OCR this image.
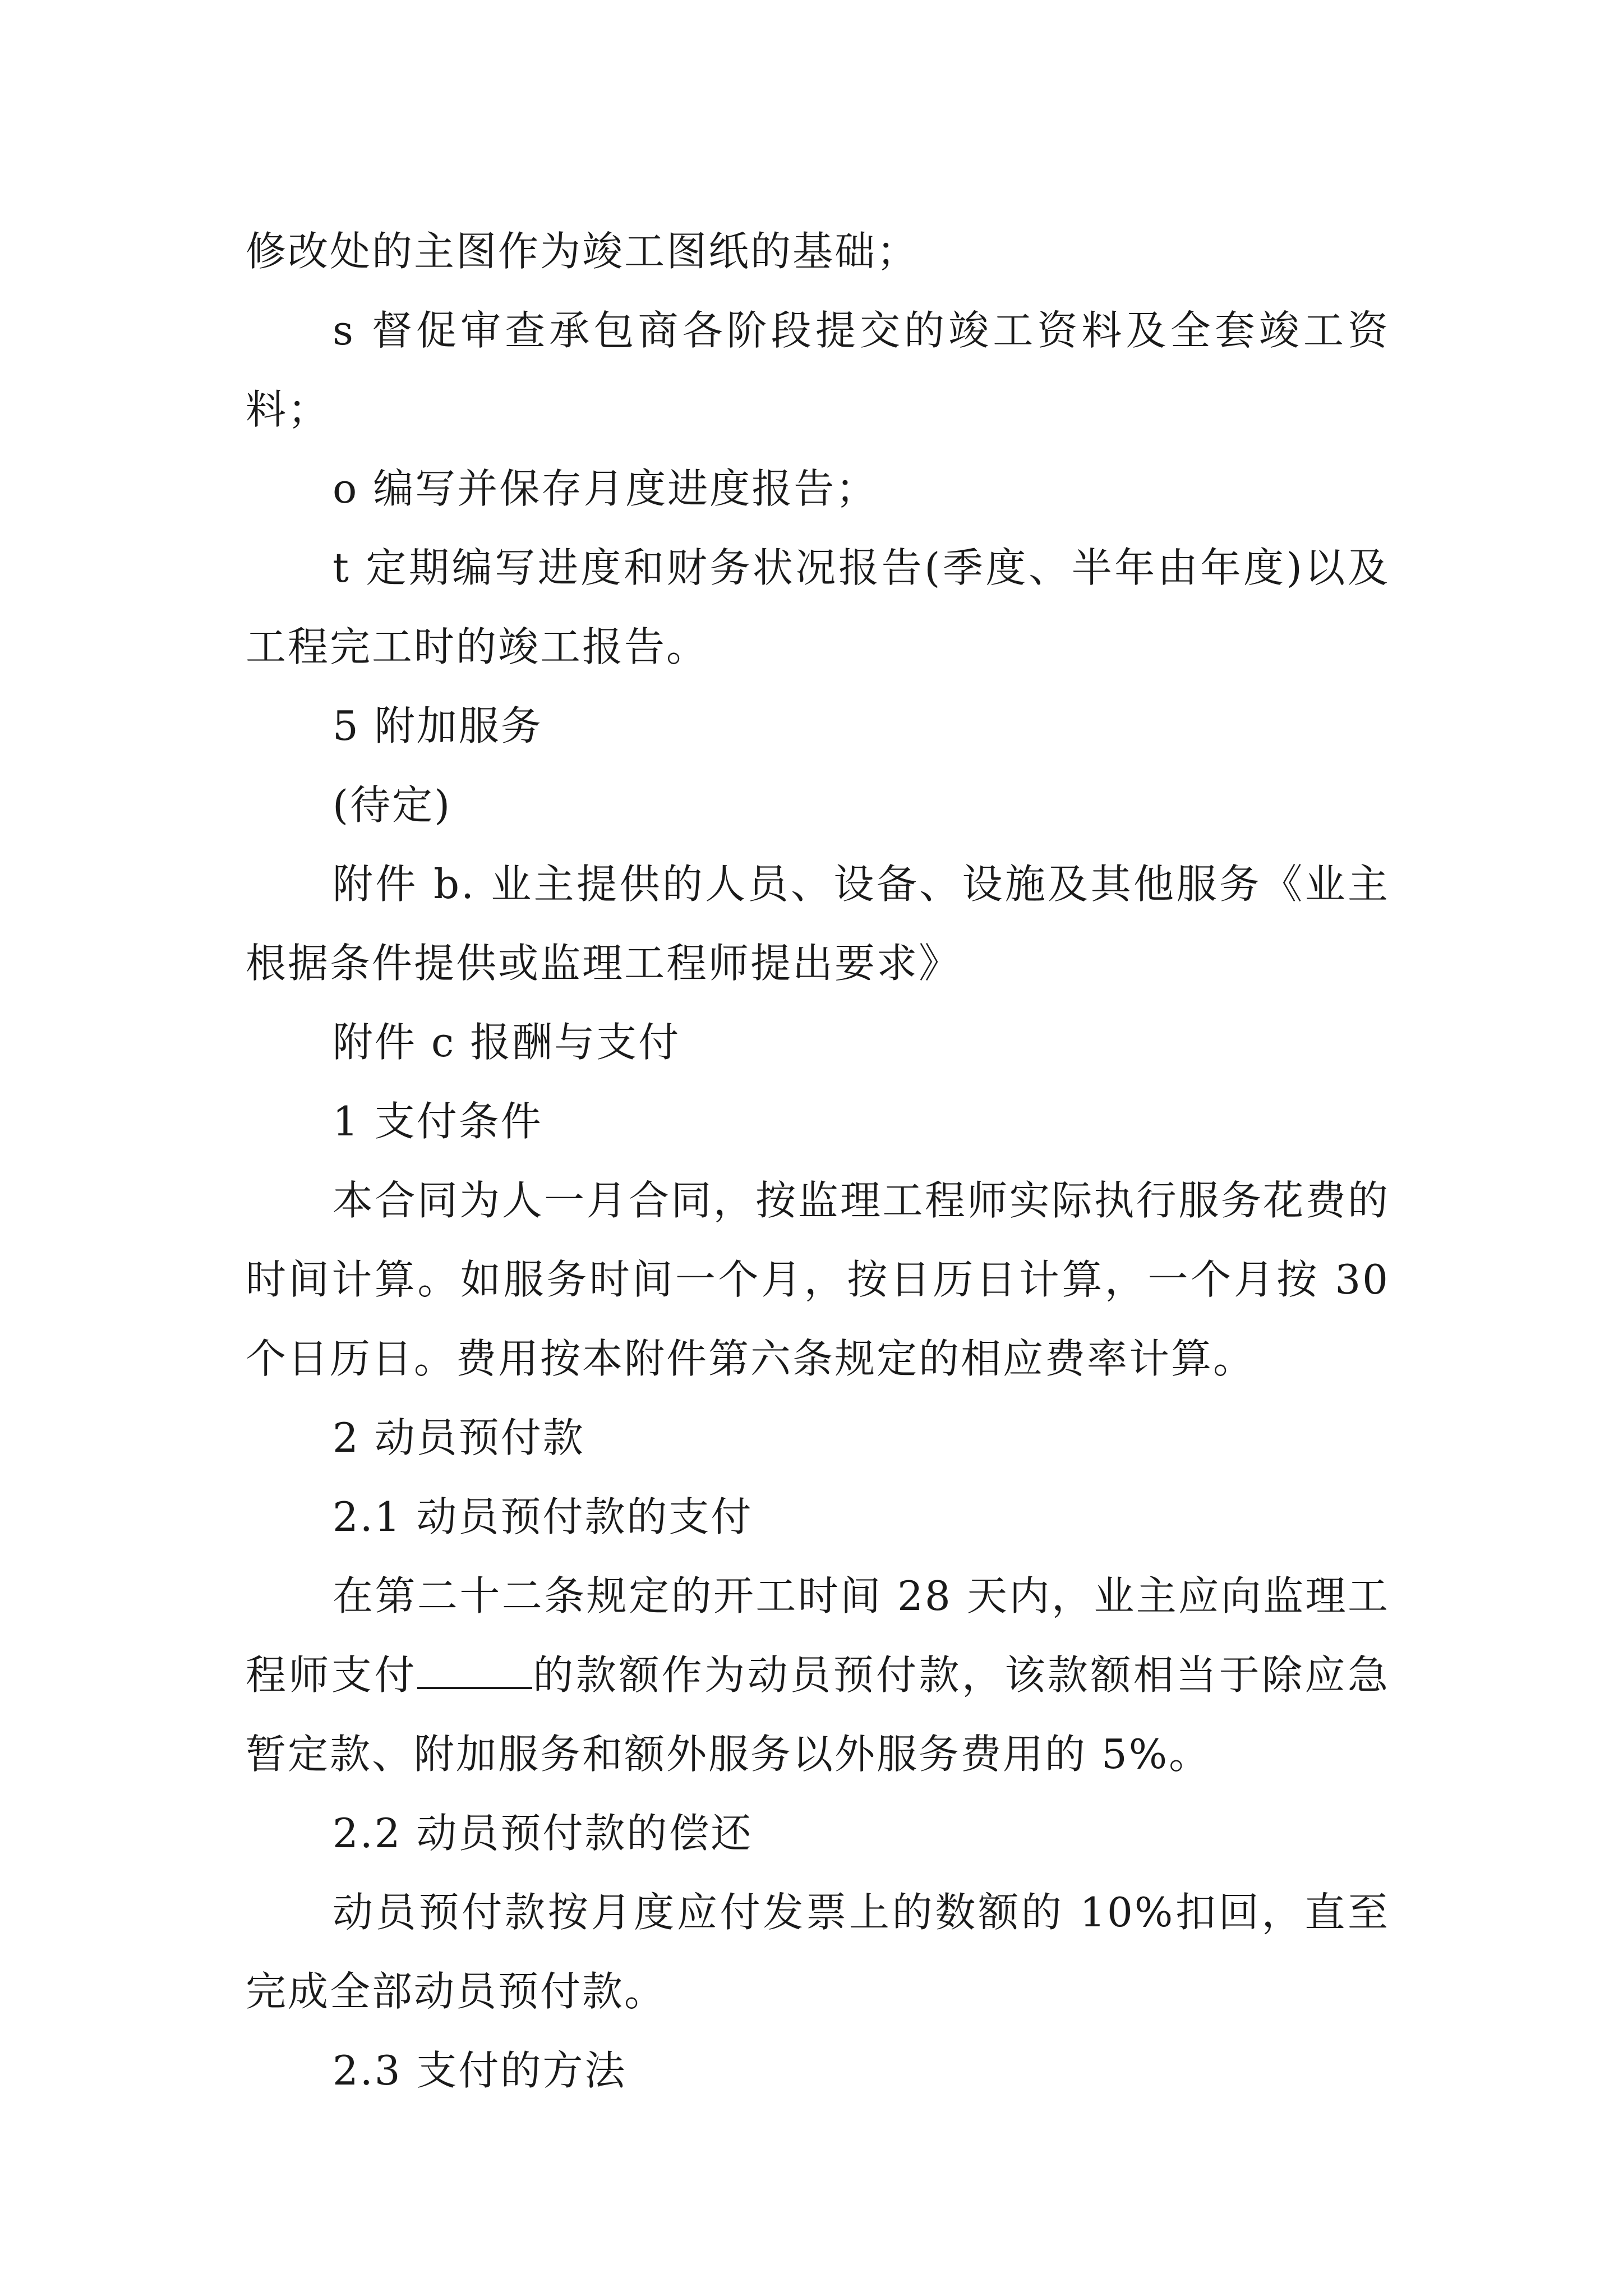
修改处的主图作为竣工图纸的基础；

s 督促审查承包商各阶段提交的竣工资料及全套竣工资料；

o 编写并保存月度进度报告；

t 定期编写进度和财务状况报告(季度、半年由年度)以及工程完工时的竣工报告。

5 附加服务

(待定)

附件 b. 业主提供的人员、设备、设施及其他服务《业主根据条件提供或监理工程师提出要求》

附件 c 报酬与支付

1 支付条件

本合同为人一月合同，按监理工程师实际执行服务花费的时间计算。如服务时间一个月，按日历日计算，一个月按 30 个日历日。费用按本附件第六条规定的相应费率计算。

2 动员预付款

2.1 动员预付款的支付

在第二十二条规定的开工时间 28 天内，业主应向监理工程师支付	的款额作为动员预付款，该款额相当于除应急暂定款、附加服务和额外服务以外服务费用的 5%。

2.2 动员预付款的偿还

动员预付款按月度应付发票上的数额的 10%扣回，直至完成全部动员预付款。

2.3 支付的方法
